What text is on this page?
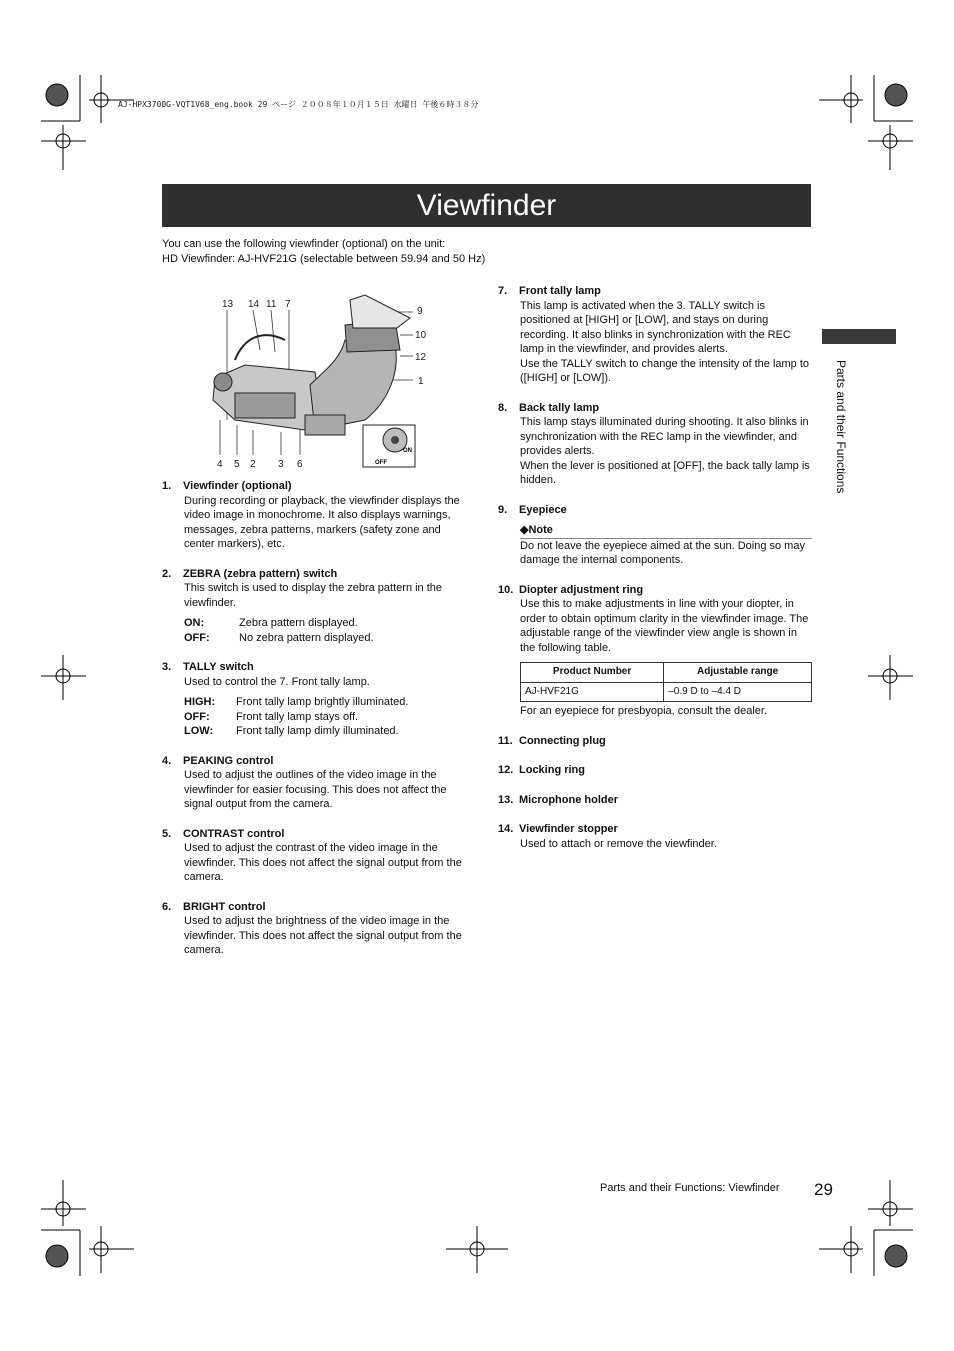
AJ-HPX3700G-VQT1V68_eng.book 29 ページ ２００８年１０月１５日 水曜日 午後６時３８分
Viewfinder
You can use the following viewfinder (optional) on the unit:
HD Viewfinder: AJ-HVF21G (selectable between 59.94 and 50 Hz)
13 14 11 7
9
10
12
1
4 5 2 3 6
ON
OFF
1.	Viewfinder (optional)
During recording or playback, the viewfinder displays the video image in monochrome. It also displays warnings, messages, zebra patterns, markers (safety zone and center markers), etc.
2.	ZEBRA (zebra pattern) switch
This switch is used to display the zebra pattern in the viewfinder.
ON:	Zebra pattern displayed.
OFF:	No zebra pattern displayed.
3.	TALLY switch
Used to control the 7. Front tally lamp.
HIGH:	Front tally lamp brightly illuminated.
OFF:	Front tally lamp stays off.
LOW:	Front tally lamp dimly illuminated.
4.	PEAKING control
Used to adjust the outlines of the video image in the viewfinder for easier focusing. This does not affect the signal output from the camera.
5.	CONTRAST control
Used to adjust the contrast of the video image in the viewfinder. This does not affect the signal output from the camera.
6.	BRIGHT control
Used to adjust the brightness of the video image in the viewfinder. This does not affect the signal output from the camera.
7.	Front tally lamp
This lamp is activated when the 3. TALLY switch is positioned at [HIGH] or [LOW], and stays on during recording. It also blinks in synchronization with the REC lamp in the viewfinder, and provides alerts.
Use the TALLY switch to change the intensity of the lamp to ([HIGH] or [LOW]).
8.	Back tally lamp
This lamp stays illuminated during shooting. It also blinks in synchronization with the REC lamp in the viewfinder, and provides alerts.
When the lever is positioned at [OFF], the back tally lamp is hidden.
9.	Eyepiece
◆Note
Do not leave the eyepiece aimed at the sun. Doing so may damage the internal components.
10. Diopter adjustment ring
Use this to make adjustments in line with your diopter, in order to obtain optimum clarity in the viewfinder image. The adjustable range of the viewfinder view angle is shown in the following table.
Product Number	Adjustable range
AJ-HVF21G	–0.9 D to –4.4 D
For an eyepiece for presbyopia, consult the dealer.
11. Connecting plug
12. Locking ring
13. Microphone holder
14. Viewfinder stopper
Used to attach or remove the viewfinder.
Parts and their Functions
Parts and their Functions: Viewfinder 29
